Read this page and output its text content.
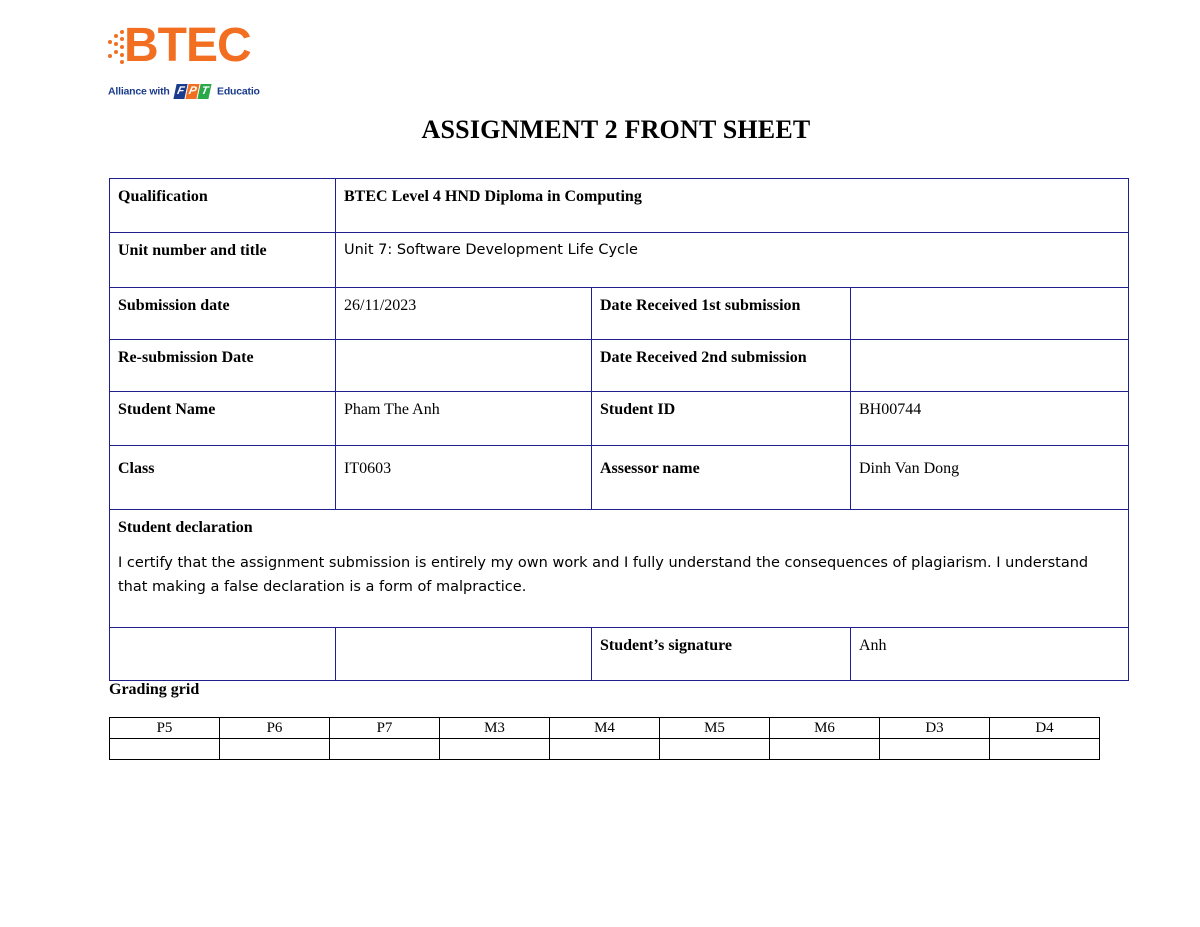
BTEC
Alliance with F P T Educatio
ASSIGNMENT 2 FRONT SHEET
Qualification	BTEC Level 4 HND Diploma in Computing		
Unit number and title	Unit 7: Software Development Life Cycle		
Submission date	26/11/2023	Date Received 1st submission	
Re-submission Date		Date Received 2nd submission	
Student Name	Pham The Anh	Student ID	BH00744
Class	IT0603	Assessor name	Dinh Van Dong

Student declaration
I certify that the assignment submission is entirely my own work and I fully understand the consequences of plagiarism. I understand that making a false declaration is a form of malpractice.			

		Student’s signature	Anh
Grading grid
P5	P6	P7	M3	M4	M5	M6	D3	D4
